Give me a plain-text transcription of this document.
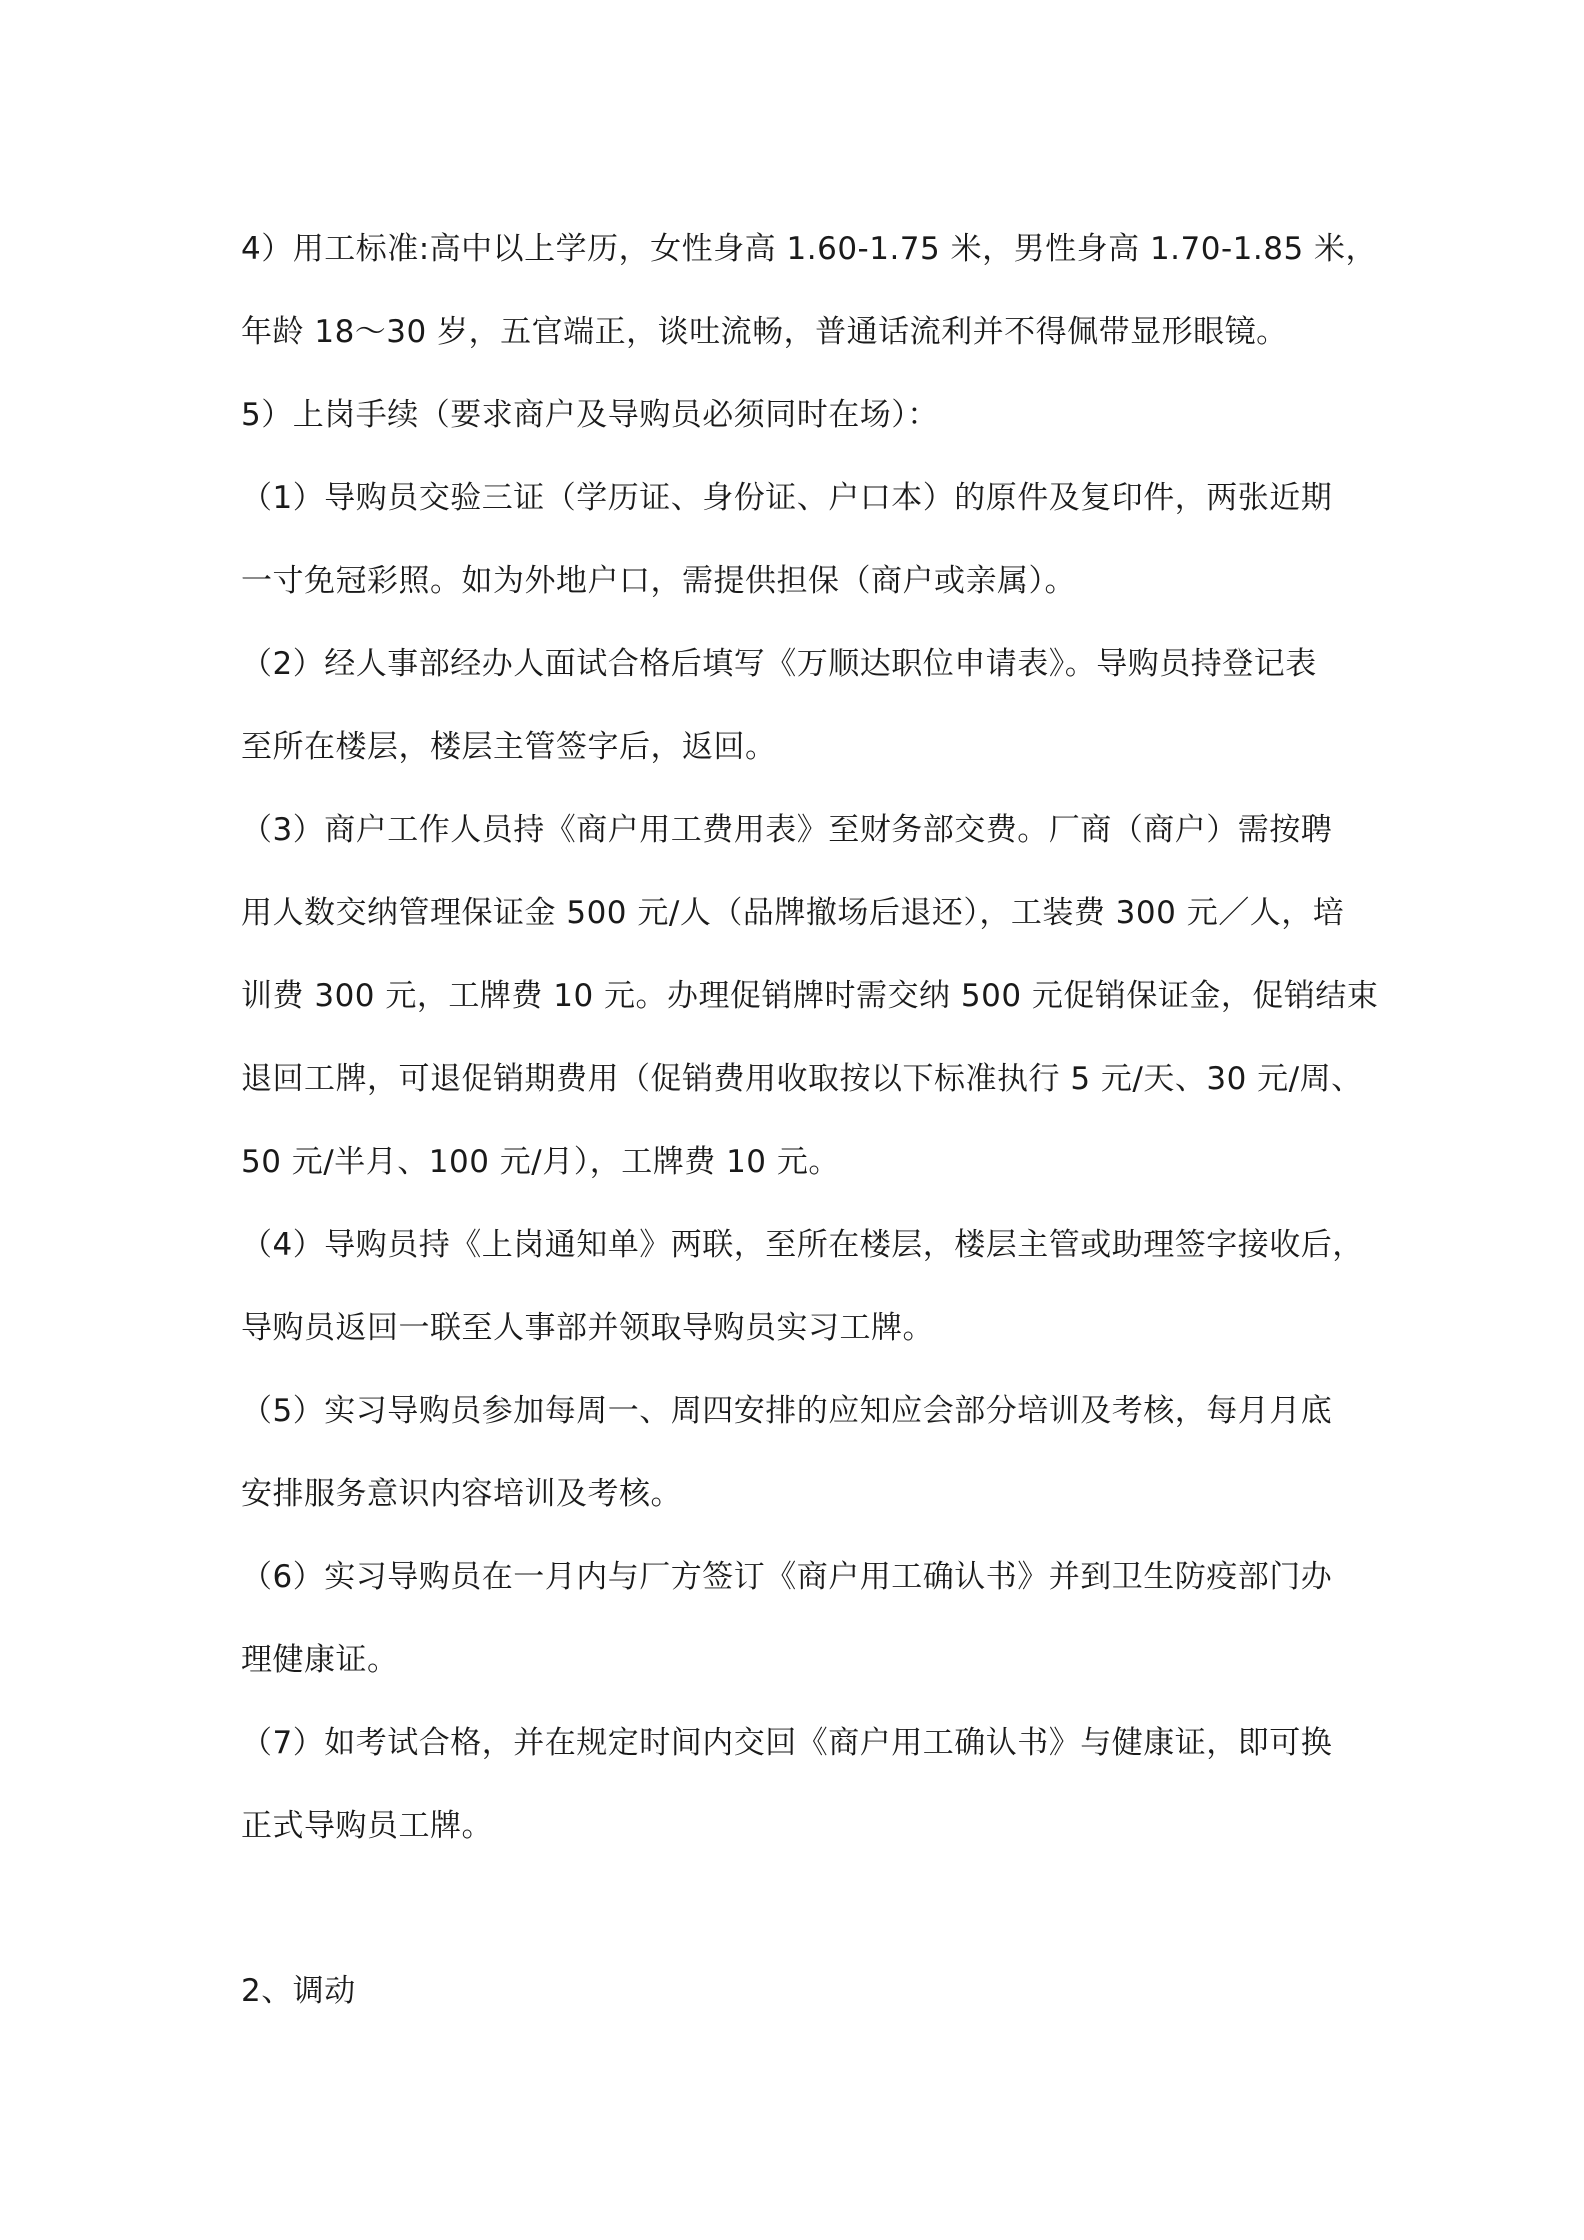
4）用工标准:高中以上学历，女性身高 1.60-1.75 米，男性身高 1.70-1.85 米，
年龄 18～30 岁，五官端正，谈吐流畅，普通话流利并不得佩带显形眼镜。
5）上岗手续（要求商户及导购员必须同时在场）：
（1）导购员交验三证（学历证、身份证、户口本）的原件及复印件，两张近期
一寸免冠彩照。如为外地户口，需提供担保（商户或亲属）。
（2）经人事部经办人面试合格后填写《万顺达职位申请表》。导购员持登记表
至所在楼层，楼层主管签字后，返回。
（3）商户工作人员持《商户用工费用表》至财务部交费。厂商（商户）需按聘
用人数交纳管理保证金 500 元/人（品牌撤场后退还），工装费 300 元／人，培
训费 300 元，工牌费 10 元。办理促销牌时需交纳 500 元促销保证金，促销结束
退回工牌，可退促销期费用（促销费用收取按以下标准执行 5 元/天、30 元/周、
50 元/半月、100 元/月），工牌费 10 元。
（4）导购员持《上岗通知单》两联，至所在楼层，楼层主管或助理签字接收后，
导购员返回一联至人事部并领取导购员实习工牌。
（5）实习导购员参加每周一、周四安排的应知应会部分培训及考核，每月月底
安排服务意识内容培训及考核。
（6）实习导购员在一月内与厂方签订《商户用工确认书》并到卫生防疫部门办
理健康证。
（7）如考试合格，并在规定时间内交回《商户用工确认书》与健康证，即可换
正式导购员工牌。
2、调动
